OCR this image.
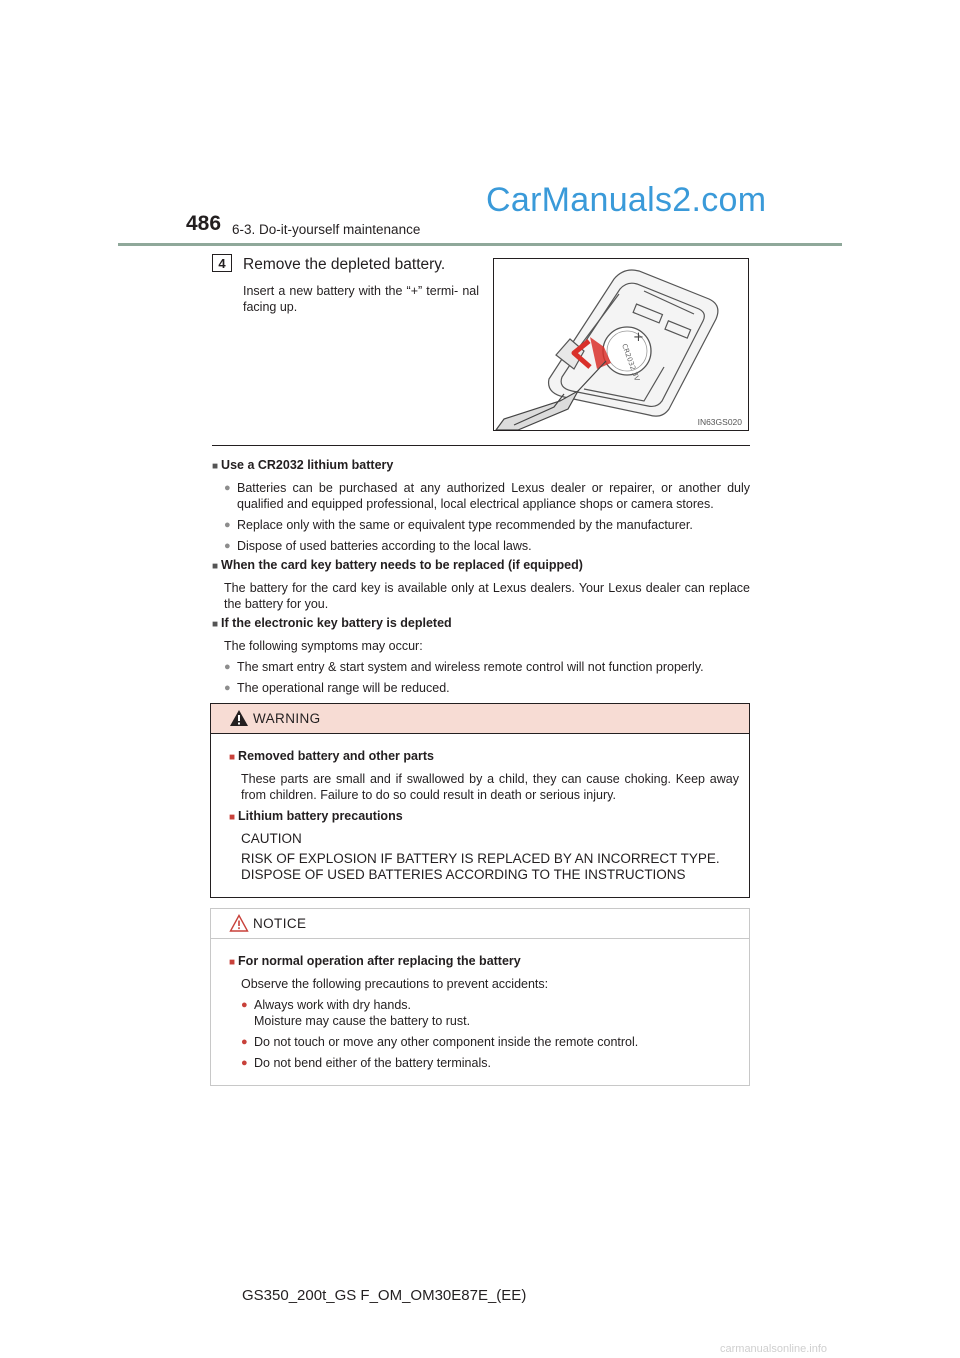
CarManuals2.com
486 6-3. Do-it-yourself maintenance
4	Remove the depleted battery.
Insert a new battery with the “+” termi- nal facing up.
+
CR2032 3V
IN63GS020
■ Use a CR2032 lithium battery
● Batteries can be purchased at any authorized Lexus dealer or repairer, or another duly qualified and equipped professional, local electrical appliance shops or camera stores.
● Replace only with the same or equivalent type recommended by the manufacturer.
● Dispose of used batteries according to the local laws.
■ When the card key battery needs to be replaced (if equipped)
The battery for the card key is available only at Lexus dealers. Your Lexus dealer can replace the battery for you.
■ If the electronic key battery is depleted
The following symptoms may occur:
● The smart entry & start system and wireless remote control will not function properly.
● The operational range will be reduced.
WARNING
■ Removed battery and other parts
These parts are small and if swallowed by a child, they can cause choking. Keep away from children. Failure to do so could result in death or serious injury.
■ Lithium battery precautions
CAUTION
RISK OF EXPLOSION IF BATTERY IS REPLACED BY AN INCORRECT TYPE. DISPOSE OF USED BATTERIES ACCORDING TO THE INSTRUCTIONS
NOTICE
■ For normal operation after replacing the battery
Observe the following precautions to prevent accidents:
● Always work with dry hands.
Moisture may cause the battery to rust.
● Do not touch or move any other component inside the remote control.
● Do not bend either of the battery terminals.
GS350_200t_GS F_OM_OM30E87E_(EE)
carmanualsonline.info
